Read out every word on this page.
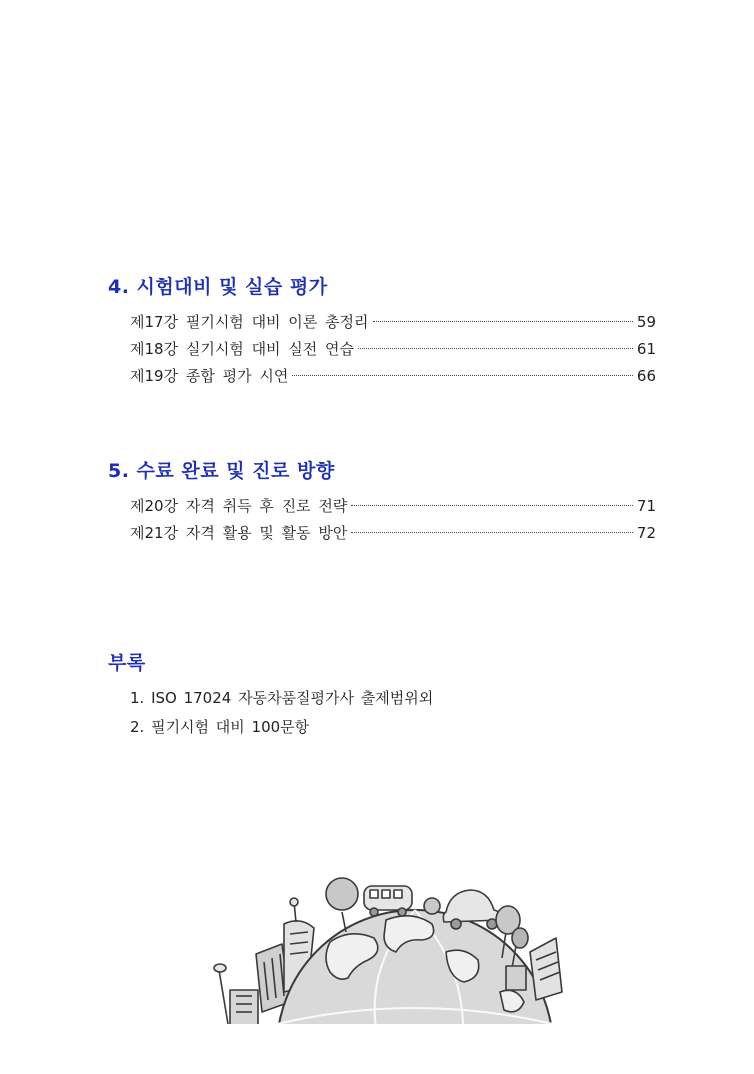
4. 시험대비 및 실습 평가
제17강 필기시험 대비 이론 총정리	59
제18강 실기시험 대비 실전 연습	61
제19강 종합 평가 시연	66
5. 수료 완료 및 진로 방향
제20강 자격 취득 후 진로 전략	71
제21강 자격 활용 및 활동 방안	72
부록
1. ISO 17024 자동차품질평가사 출제범위외
2. 필기시험 대비 100문항
